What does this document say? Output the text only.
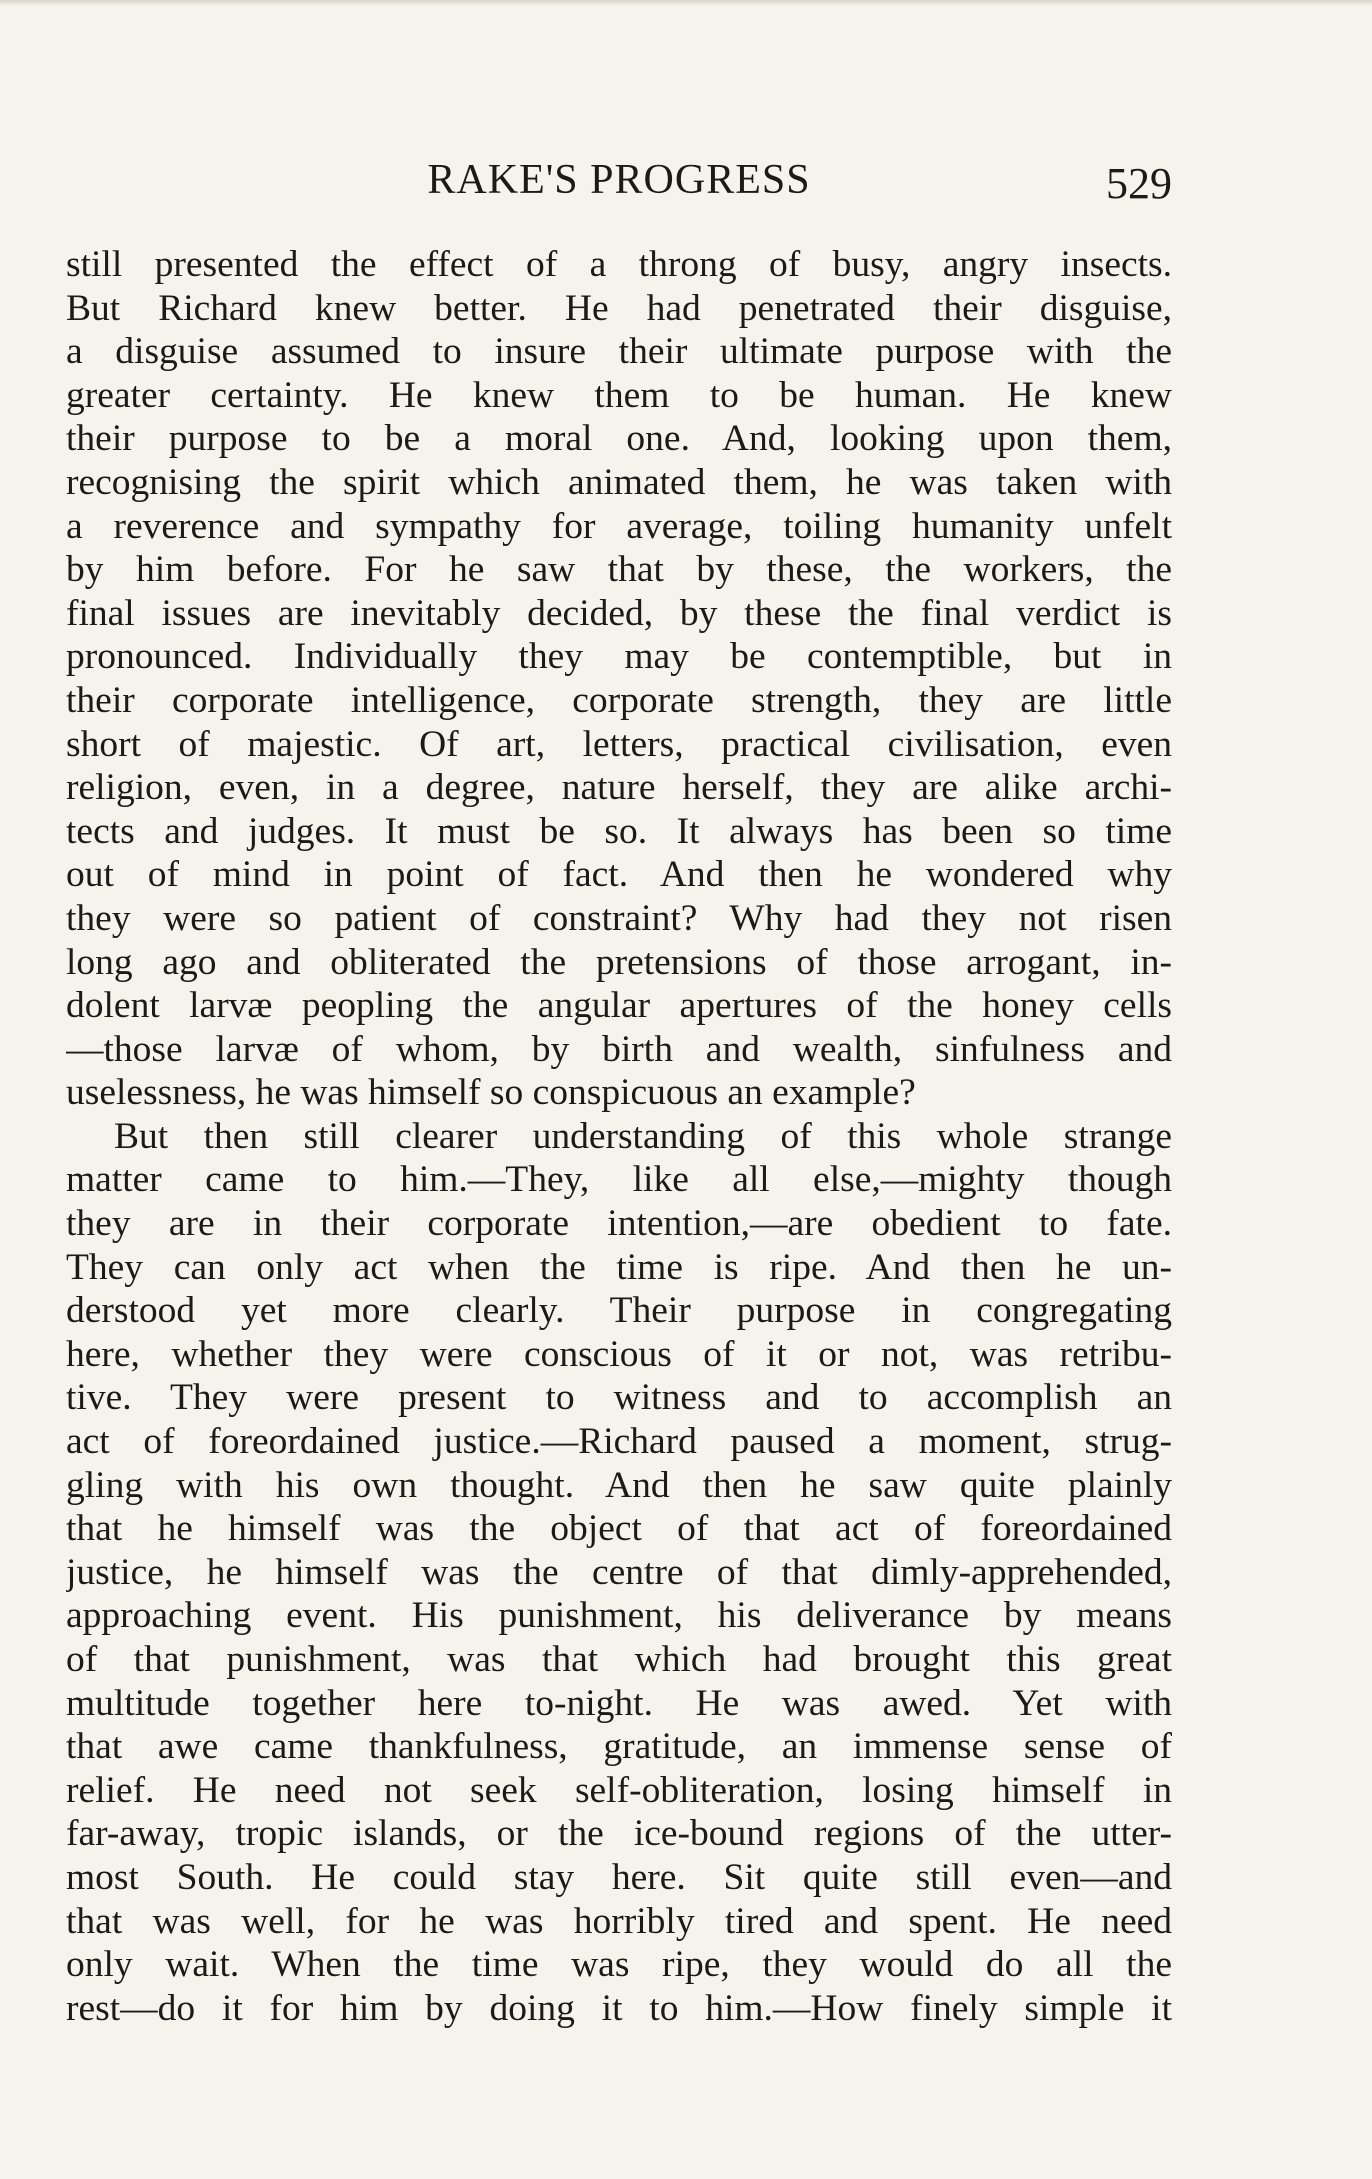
RAKE'S PROGRESS	529
still presented the effect of a throng of busy, angry insects.
But Richard knew better. He had penetrated their disguise,
a disguise assumed to insure their ultimate purpose with the
greater certainty. He knew them to be human. He knew
their purpose to be a moral one. And, looking upon them,
recognising the spirit which animated them, he was taken with
a reverence and sympathy for average, toiling humanity unfelt
by him before. For he saw that by these, the workers, the
final issues are inevitably decided, by these the final verdict is
pronounced. Individually they may be contemptible, but in
their corporate intelligence, corporate strength, they are little
short of majestic. Of art, letters, practical civilisation, even
religion, even, in a degree, nature herself, they are alike archi-
tects and judges. It must be so. It always has been so time
out of mind in point of fact. And then he wondered why
they were so patient of constraint? Why had they not risen
long ago and obliterated the pretensions of those arrogant, in-
dolent larvæ peopling the angular apertures of the honey cells
—those larvæ of whom, by birth and wealth, sinfulness and
uselessness, he was himself so conspicuous an example?
But then still clearer understanding of this whole strange
matter came to him.—They, like all else,—mighty though
they are in their corporate intention,—are obedient to fate.
They can only act when the time is ripe. And then he un-
derstood yet more clearly. Their purpose in congregating
here, whether they were conscious of it or not, was retribu-
tive. They were present to witness and to accomplish an
act of foreordained justice.—Richard paused a moment, strug-
gling with his own thought. And then he saw quite plainly
that he himself was the object of that act of foreordained
justice, he himself was the centre of that dimly-apprehended,
approaching event. His punishment, his deliverance by means
of that punishment, was that which had brought this great
multitude together here to-night. He was awed. Yet with
that awe came thankfulness, gratitude, an immense sense of
relief. He need not seek self-obliteration, losing himself in
far-away, tropic islands, or the ice-bound regions of the utter-
most South. He could stay here. Sit quite still even—and
that was well, for he was horribly tired and spent. He need
only wait. When the time was ripe, they would do all the
rest—do it for him by doing it to him.—How finely simple it
